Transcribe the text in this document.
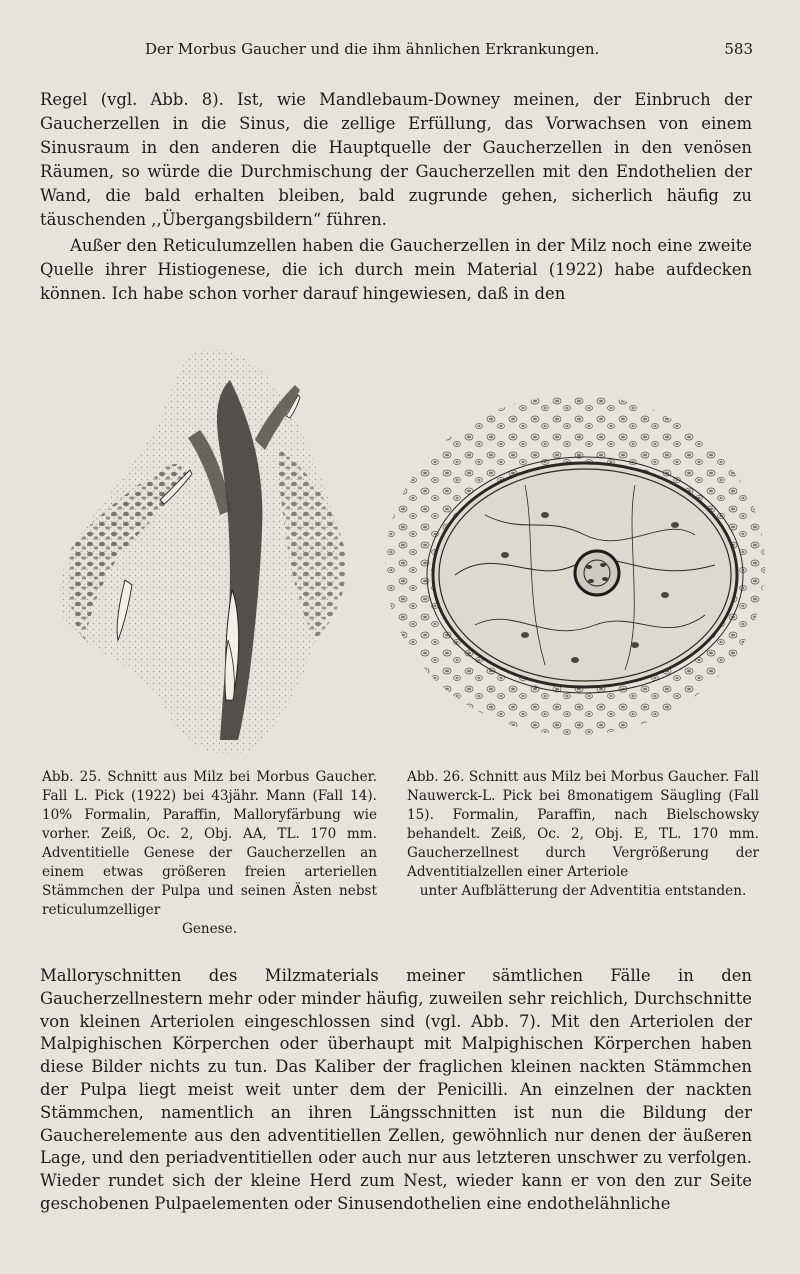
Der Morbus Gaucher und die ihm ähnlichen Erkrankungen.	583

Regel (vgl. Abb. 8). Ist, wie Mandlebaum-Downey meinen, der Einbruch der Gaucherzellen in die Sinus, die zellige Erfüllung, das Vorwachsen von einem Sinusraum in den anderen die Hauptquelle der Gaucherzellen in den venösen Räumen, so würde die Durchmischung der Gaucherzellen mit den Endothelien der Wand, die bald erhalten bleiben, bald zugrunde gehen, sicherlich häufig zu täuschenden ,,Übergangsbildern“ führen.

Außer den Reticulumzellen haben die Gaucherzellen in der Milz noch eine zweite Quelle ihrer Histiogenese, die ich durch mein Material (1922) habe aufdecken können. Ich habe schon vorher darauf hingewiesen, daß in den

Abb. 25. Schnitt aus Milz bei Morbus Gaucher. Fall L. Pick (1922) bei 43jähr. Mann (Fall 14). 10% Formalin, Paraffin, Malloryfärbung wie vorher. Zeiß, Oc. 2, Obj. AA, TL. 170 mm. Adventitielle Genese der Gaucherzellen an einem etwas größeren freien arteriellen Stämmchen der Pulpa und seinen Ästen nebst reticulumzelliger

Genese.

Abb. 26. Schnitt aus Milz bei Morbus Gaucher. Fall Nauwerck-L. Pick bei 8monatigem Säugling (Fall 15). Formalin, Paraffin, nach Bielschowsky behandelt. Zeiß, Oc. 2, Obj. E, TL. 170 mm. Gaucherzellnest durch Vergrößerung der Adventitialzellen einer Arteriole

unter Aufblätterung der Adventitia entstanden.

Malloryschnitten des Milzmaterials meiner sämtlichen Fälle in den Gaucherzellnestern mehr oder minder häufig, zuweilen sehr reichlich, Durchschnitte von kleinen Arteriolen eingeschlossen sind (vgl. Abb. 7). Mit den Arteriolen der Malpighischen Körperchen oder überhaupt mit Malpighischen Körperchen haben diese Bilder nichts zu tun. Das Kaliber der fraglichen kleinen nackten Stämmchen der Pulpa liegt meist weit unter dem der Penicilli. An einzelnen der nackten Stämmchen, namentlich an ihren Längsschnitten ist nun die Bildung der Gaucherelemente aus den adventitiellen Zellen, gewöhnlich nur denen der äußeren Lage, und den periadventitiellen oder auch nur aus letzteren unschwer zu verfolgen. Wieder rundet sich der kleine Herd zum Nest, wieder kann er von den zur Seite geschobenen Pulpaelementen oder Sinusendothelien eine endothelähnliche
